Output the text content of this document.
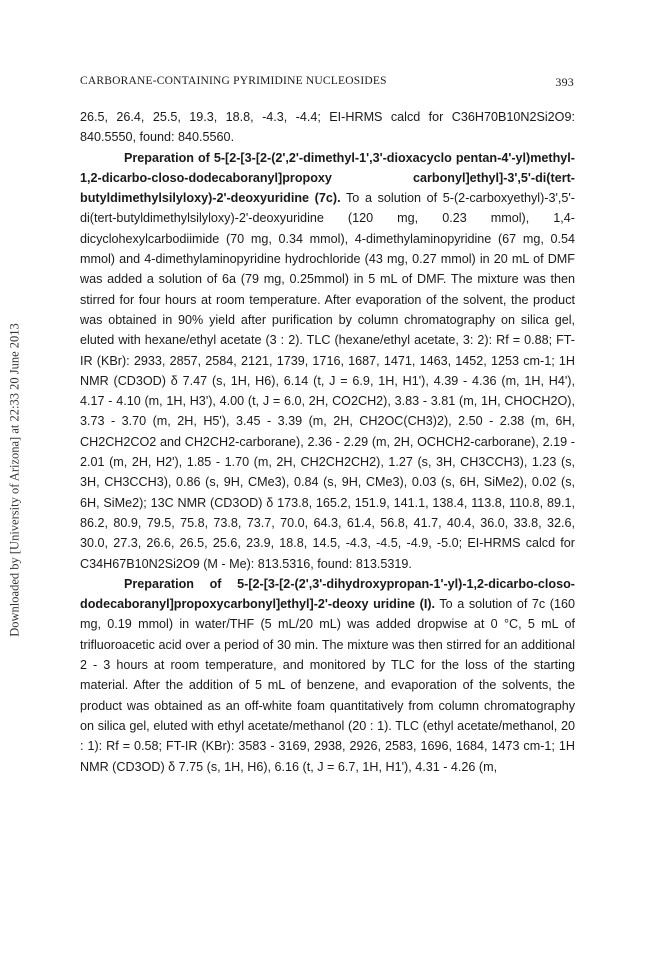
Downloaded by [University of Arizona] at 22:33 20 June 2013
CARBORANE-CONTAINING PYRIMIDINE NUCLEOSIDES	393

26.5, 26.4, 25.5, 19.3, 18.8, -4.3, -4.4; EI-HRMS calcd for C36H70B10N2Si2O9: 840.5550, found: 840.5560.

Preparation of 5-[2-[3-[2-(2',2'-dimethyl-1',3'-dioxacyclo pentan-4'-yl)methyl-1,2-dicarbo-closo-dodecaboranyl]propoxy carbonyl]ethyl]-3',5'-di(tert-butyldimethylsilyloxy)-2'-deoxyuridine (7c). To a solution of 5-(2-carboxyethyl)-3',5'-di(tert-butyldimethylsilyloxy)-2'-deoxyuridine (120 mg, 0.23 mmol), 1,4-dicyclohexylcarbodiimide (70 mg, 0.34 mmol), 4-dimethylaminopyridine (67 mg, 0.54 mmol) and 4-dimethylaminopyridine hydrochloride (43 mg, 0.27 mmol) in 20 mL of DMF was added a solution of 6a (79 mg, 0.25mmol) in 5 mL of DMF. The mixture was then stirred for four hours at room temperature. After evaporation of the solvent, the product was obtained in 90% yield after purification by column chromatography on silica gel, eluted with hexane/ethyl acetate (3 : 2). TLC (hexane/ethyl acetate, 3: 2): Rf = 0.88; FT-IR (KBr): 2933, 2857, 2584, 2121, 1739, 1716, 1687, 1471, 1463, 1452, 1253 cm-1; 1H NMR (CD3OD) δ 7.47 (s, 1H, H6), 6.14 (t, J = 6.9, 1H, H1'), 4.39 - 4.36 (m, 1H, H4'), 4.17 - 4.10 (m, 1H, H3'), 4.00 (t, J = 6.0, 2H, CO2CH2), 3.83 - 3.81 (m, 1H, CHOCH2O), 3.73 - 3.70 (m, 2H, H5'), 3.45 - 3.39 (m, 2H, CH2OC(CH3)2), 2.50 - 2.38 (m, 6H, CH2CH2CO2 and CH2CH2-carborane), 2.36 - 2.29 (m, 2H, OCHCH2-carborane), 2.19 - 2.01 (m, 2H, H2'), 1.85 - 1.70 (m, 2H, CH2CH2CH2), 1.27 (s, 3H, CH3CCH3), 1.23 (s, 3H, CH3CCH3), 0.86 (s, 9H, CMe3), 0.84 (s, 9H, CMe3), 0.03 (s, 6H, SiMe2), 0.02 (s, 6H, SiMe2); 13C NMR (CD3OD) δ 173.8, 165.2, 151.9, 141.1, 138.4, 113.8, 110.8, 89.1, 86.2, 80.9, 79.5, 75.8, 73.8, 73.7, 70.0, 64.3, 61.4, 56.8, 41.7, 40.4, 36.0, 33.8, 32.6, 30.0, 27.3, 26.6, 26.5, 25.6, 23.9, 18.8, 14.5, -4.3, -4.5, -4.9, -5.0; EI-HRMS calcd for C34H67B10N2Si2O9 (M - Me): 813.5316, found: 813.5319.

Preparation of 5-[2-[3-[2-(2',3'-dihydroxypropan-1'-yl)-1,2-dicarbo-closo-dodecaboranyl]propoxycarbonyl]ethyl]-2'-deoxy uridine (I). To a solution of 7c (160 mg, 0.19 mmol) in water/THF (5 mL/20 mL) was added dropwise at 0 °C, 5 mL of trifluoroacetic acid over a period of 30 min. The mixture was then stirred for an additional 2 - 3 hours at room temperature, and monitored by TLC for the loss of the starting material. After the addition of 5 mL of benzene, and evaporation of the solvents, the product was obtained as an off-white foam quantitatively from column chromatography on silica gel, eluted with ethyl acetate/methanol (20 : 1). TLC (ethyl acetate/methanol, 20 : 1): Rf = 0.58; FT-IR (KBr): 3583 - 3169, 2938, 2926, 2583, 1696, 1684, 1473 cm-1; 1H NMR (CD3OD) δ 7.75 (s, 1H, H6), 6.16 (t, J = 6.7, 1H, H1'), 4.31 - 4.26 (m,
